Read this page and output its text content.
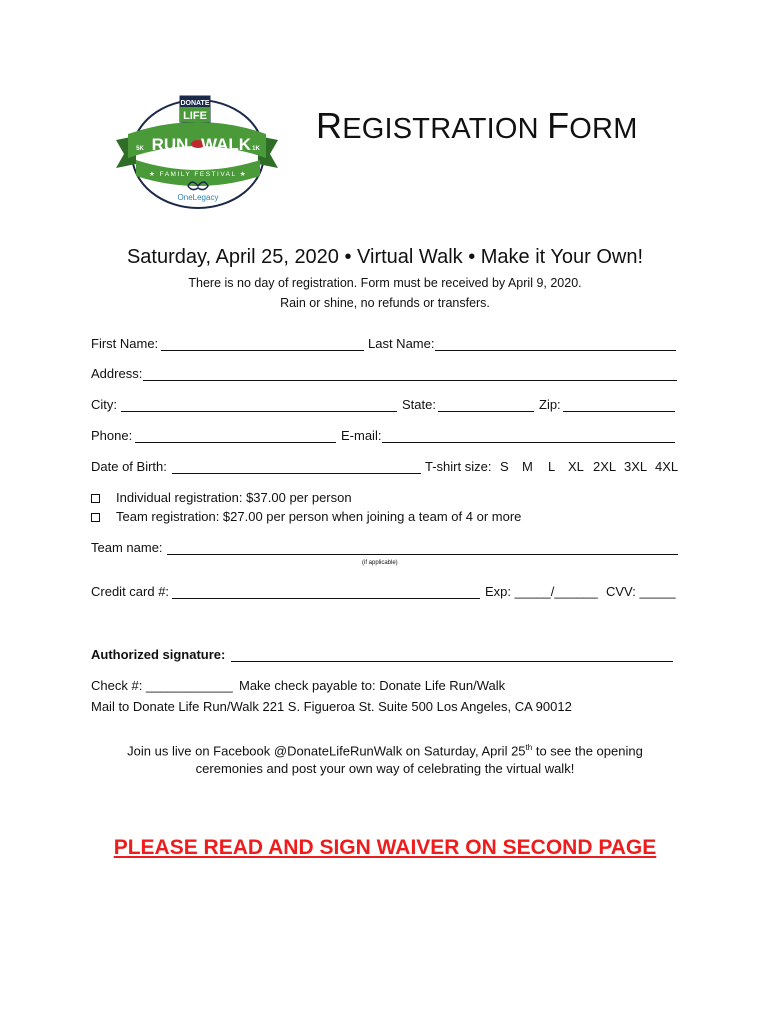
DONATE
LIFE
5K	1K
RUN WALK
★ FAMILY FESTIVAL ★
OneLegacy
REGISTRATION FORM
Saturday, April 25, 2020 • Virtual Walk • Make it Your Own!
There is no day of registration. Form must be received by April 9, 2020.
Rain or shine, no refunds or transfers.
First Name:	Last Name:
Address:
City:	State:	Zip:
Phone:	E-mail:
Date of Birth:	T-shirt size: S M L XL 2XL 3XL 4XL
Individual registration: $37.00 per person
Team registration: $27.00 per person when joining a team of 4 or more
Team name:
(if applicable)
Credit card #:	Exp: _____/______ CVV: _____
Authorized signature:
Check #: ____________ Make check payable to: Donate Life Run/Walk
Mail to Donate Life Run/Walk 221 S. Figueroa St. Suite 500 Los Angeles, CA 90012
Join us live on Facebook @DonateLifeRunWalk on Saturday, April 25th to see the opening
ceremonies and post your own way of celebrating the virtual walk!
PLEASE READ AND SIGN WAIVER ON SECOND PAGE
